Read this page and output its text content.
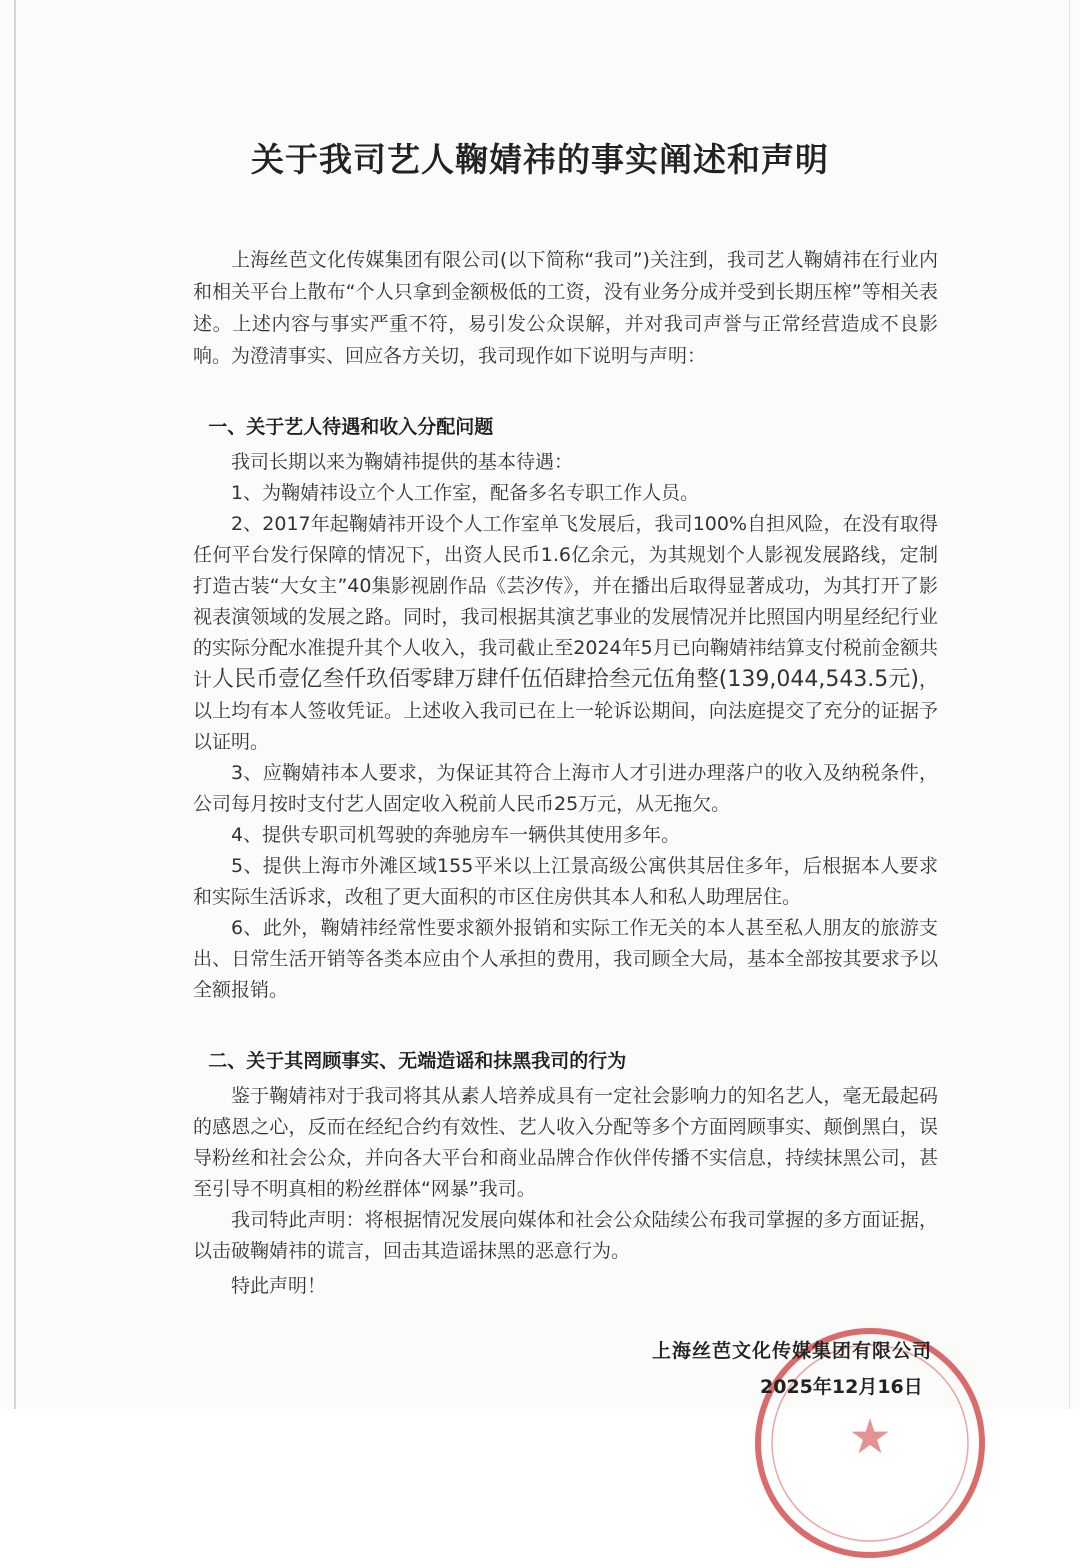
关于我司艺人鞠婧祎的事实阐述和声明

上海丝芭文化传媒集团有限公司(以下简称“我司”)关注到，我司艺人鞠婧祎在行业内和相关平台上散布“个人只拿到金额极低的工资，没有业务分成并受到长期压榨”等相关表述。上述内容与事实严重不符，易引发公众误解，并对我司声誉与正常经营造成不良影响。为澄清事实、回应各方关切，我司现作如下说明与声明：

一、关于艺人待遇和收入分配问题

我司长期以来为鞠婧祎提供的基本待遇：

1、为鞠婧祎设立个人工作室，配备多名专职工作人员。

2、2017年起鞠婧祎开设个人工作室单飞发展后，我司100%自担风险，在没有取得任何平台发行保障的情况下，出资人民币1.6亿余元，为其规划个人影视发展路线，定制打造古装“大女主”40集影视剧作品《芸汐传》，并在播出后取得显著成功，为其打开了影视表演领域的发展之路。同时，我司根据其演艺事业的发展情况并比照国内明星经纪行业的实际分配水准提升其个人收入，我司截止至2024年5月已向鞠婧祎结算支付税前金额共计人民币壹亿叁仟玖佰零肆万肆仟伍佰肆拾叁元伍角整(139,044,543.5元)，以上均有本人签收凭证。上述收入我司已在上一轮诉讼期间，向法庭提交了充分的证据予以证明。

3、应鞠婧祎本人要求，为保证其符合上海市人才引进办理落户的收入及纳税条件，公司每月按时支付艺人固定收入税前人民币25万元，从无拖欠。

4、提供专职司机驾驶的奔驰房车一辆供其使用多年。

5、提供上海市外滩区域155平米以上江景高级公寓供其居住多年，后根据本人要求和实际生活诉求，改租了更大面积的市区住房供其本人和私人助理居住。

6、此外，鞠婧祎经常性要求额外报销和实际工作无关的本人甚至私人朋友的旅游支出、日常生活开销等各类本应由个人承担的费用，我司顾全大局，基本全部按其要求予以全额报销。

二、关于其罔顾事实、无端造谣和抹黑我司的行为

鉴于鞠婧祎对于我司将其从素人培养成具有一定社会影响力的知名艺人，毫无最起码的感恩之心，反而在经纪合约有效性、艺人收入分配等多个方面罔顾事实、颠倒黑白，误导粉丝和社会公众，并向各大平台和商业品牌合作伙伴传播不实信息，持续抹黑公司，甚至引导不明真相的粉丝群体“网暴”我司。

我司特此声明：将根据情况发展向媒体和社会公众陆续公布我司掌握的多方面证据，以击破鞠婧祎的谎言，回击其造谣抹黑的恶意行为。

特此声明！

★
上海丝芭文化传媒集团有限公司
2025年12月16日
